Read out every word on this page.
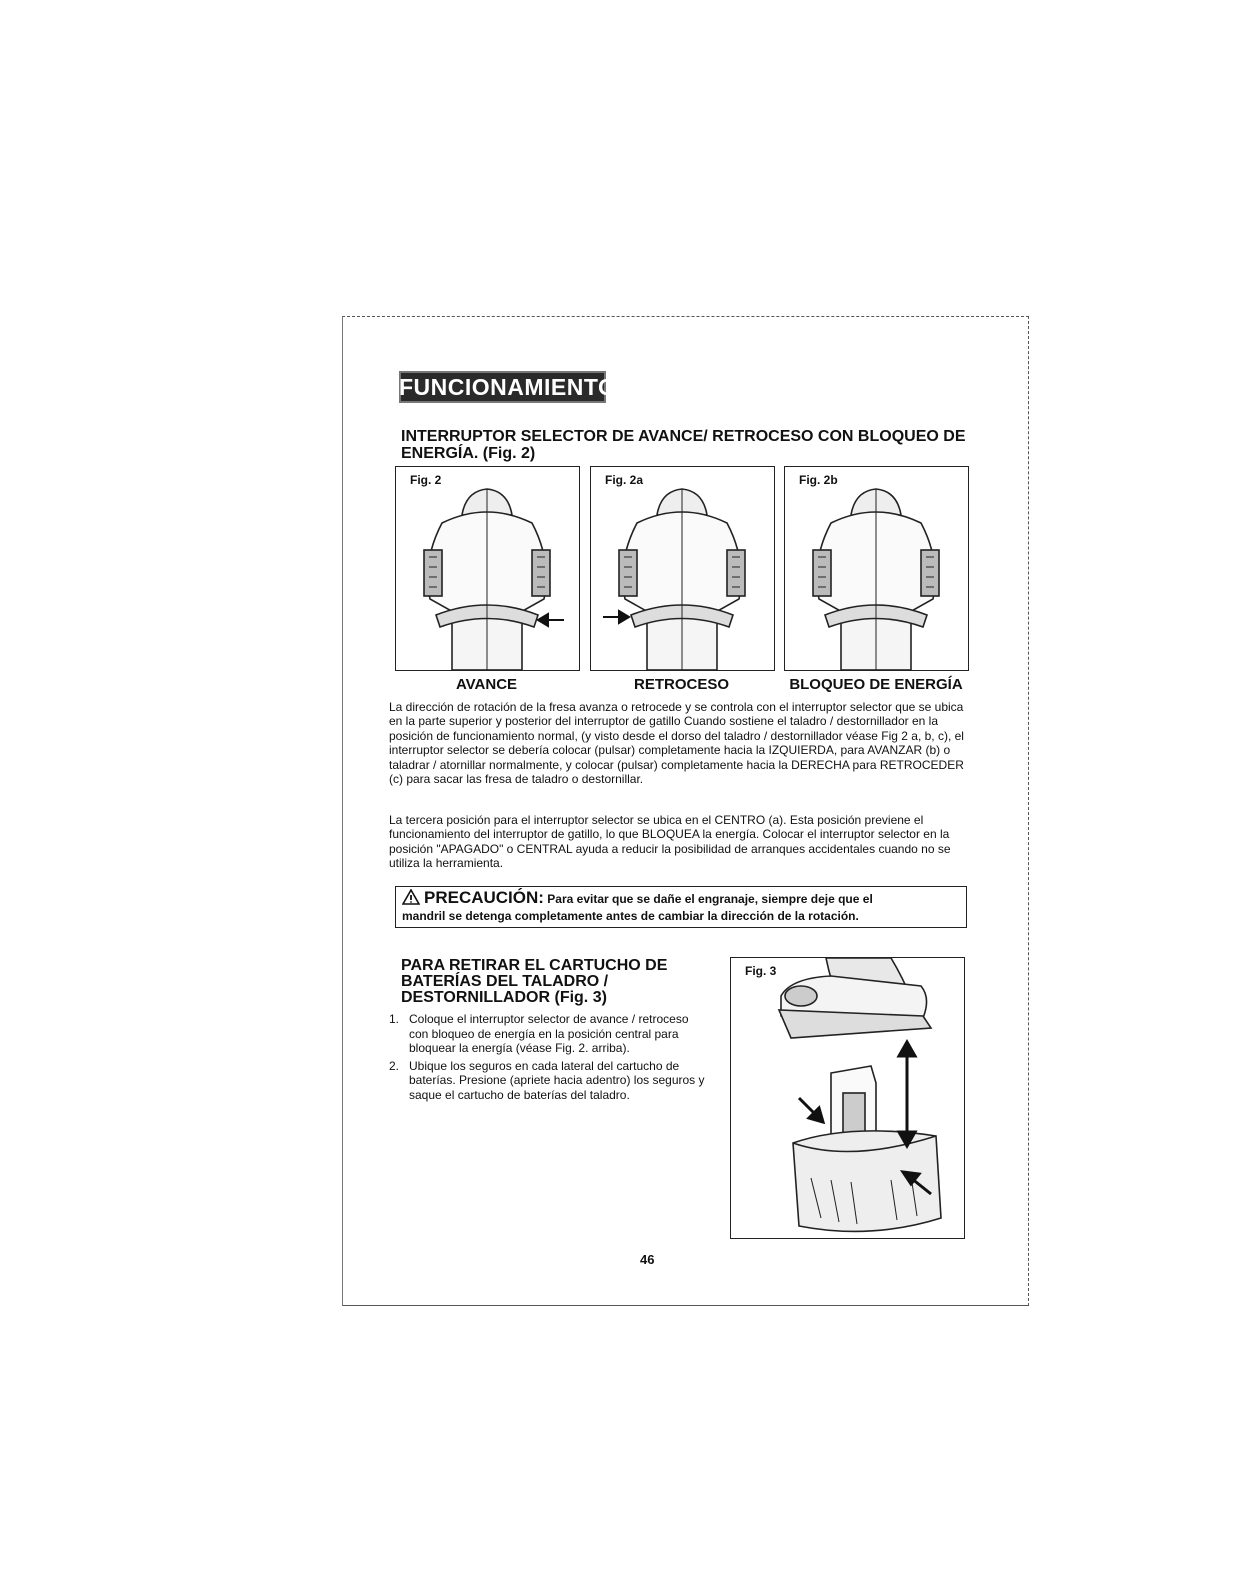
FUNCIONAMIENTO
INTERRUPTOR SELECTOR DE AVANCE/ RETROCESO CON BLOQUEO DE ENERGÍA. (Fig. 2)
Fig. 2	Fig. 2a	Fig. 2b
AVANCE	RETROCESO	BLOQUEO DE ENERGÍA

La dirección de rotación de la fresa avanza o retrocede y se controla con el interruptor selector que se ubica en la parte superior y posterior del interruptor de gatillo Cuando sostiene el taladro / destornillador en la posición de funcionamiento normal, (y visto desde el dorso del taladro / destornillador véase Fig 2 a, b, c), el interruptor selector se debería colocar (pulsar) completamente hacia la IZQUIERDA, para AVANZAR (b) o taladrar / atornillar normalmente, y colocar (pulsar) completamente hacia la DERECHA para RETROCEDER (c) para sacar las fresa de taladro o destornillar.

La tercera posición para el interruptor selector se ubica en el CENTRO (a). Esta posición previene el funcionamiento del interruptor de gatillo, lo que BLOQUEA la energía. Colocar el interruptor selector en la posición "APAGADO" o CENTRAL ayuda a reducir la posibilidad de arranques accidentales cuando no se utiliza la herramienta.

PRECAUCIÓN: Para evitar que se dañe el engranaje, siempre deje que el
mandril se detenga completamente antes de cambiar la dirección de la rotación.
PARA RETIRAR EL CARTUCHO DE BATERÍAS DEL TALADRO / DESTORNILLADOR (Fig. 3)
1. Coloque el interruptor selector de avance / retroceso con bloqueo de energía en la posición central para bloquear la energía (véase Fig. 2. arriba).
2. Ubique los seguros en cada lateral del cartucho de baterías. Presione (apriete hacia adentro) los seguros y saque el cartucho de baterías del taladro.
Fig. 3
46
